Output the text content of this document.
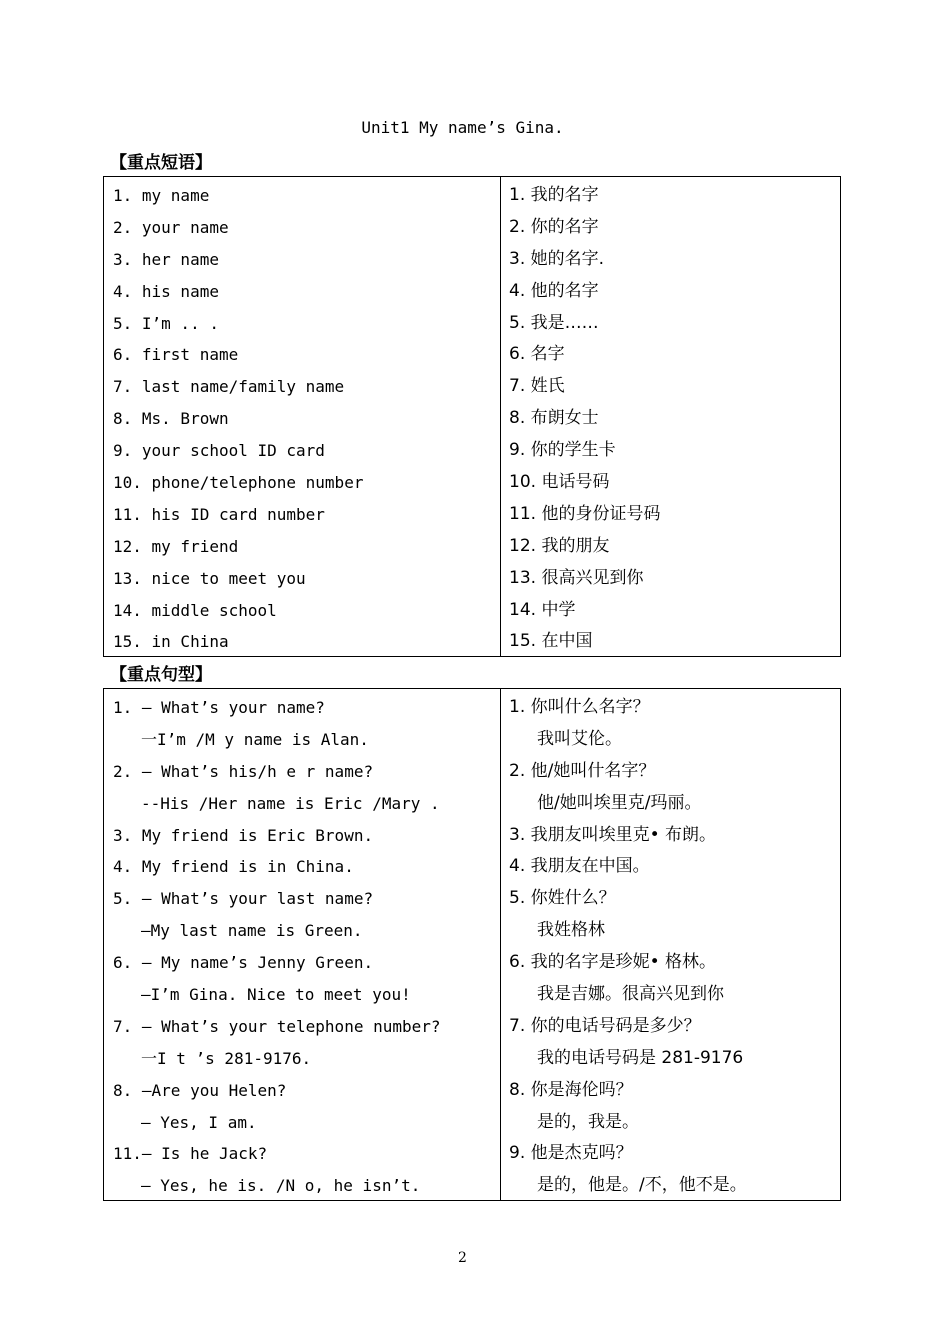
Unit1 My name’s Gina.
【重点短语】
1. my name
2. your name
3. her name
4. his name
5. I’m .. .
6. first name
7. last name/family name
8. Ms. Brown
9. your school ID card
10. phone/telephone number
11. his ID card number
12. my friend
13. nice to meet you
14. middle school
15. in China
1. 我的名字
2. 你的名字
3. 她的名字.
4. 他的名字
5. 我是……
6. 名字
7. 姓氏
8. 布朗女士
9. 你的学生卡
10. 电话号码
11. 他的身份证号码
12. 我的朋友
13. 很高兴见到你
14. 中学
15. 在中国
【重点句型】
1. — What’s your name?
一I’m /M y name is Alan.
2. — What’s his/h e r name?
--His /Her name is Eric /Mary .
3. My friend is Eric Brown.
4. My friend is in China.
5. — What’s your last name?
—My last name is Green.
6. — My name’s Jenny Green.
—I’m Gina. Nice to meet you!
7. — What’s your telephone number?
一I t ’s 281-9176.
8. —Are you Helen?
— Yes, I am.
11.— Is he Jack?
— Yes, he is. /N o, he isn’t.
1. 你叫什么名字？
我叫艾伦。
2. 他/她叫什名字？
他/她叫埃里克/玛丽。
3. 我朋友叫埃里克• 布朗。
4. 我朋友在中国。
5. 你姓什么？
我姓格林
6. 我的名字是珍妮• 格林。
我是吉娜。很高兴见到你
7. 你的电话号码是多少？
我的电话号码是 281-9176
8. 你是海伦吗？
是的，我是。
9. 他是杰克吗？
是的，他是。/不，他不是。
2
